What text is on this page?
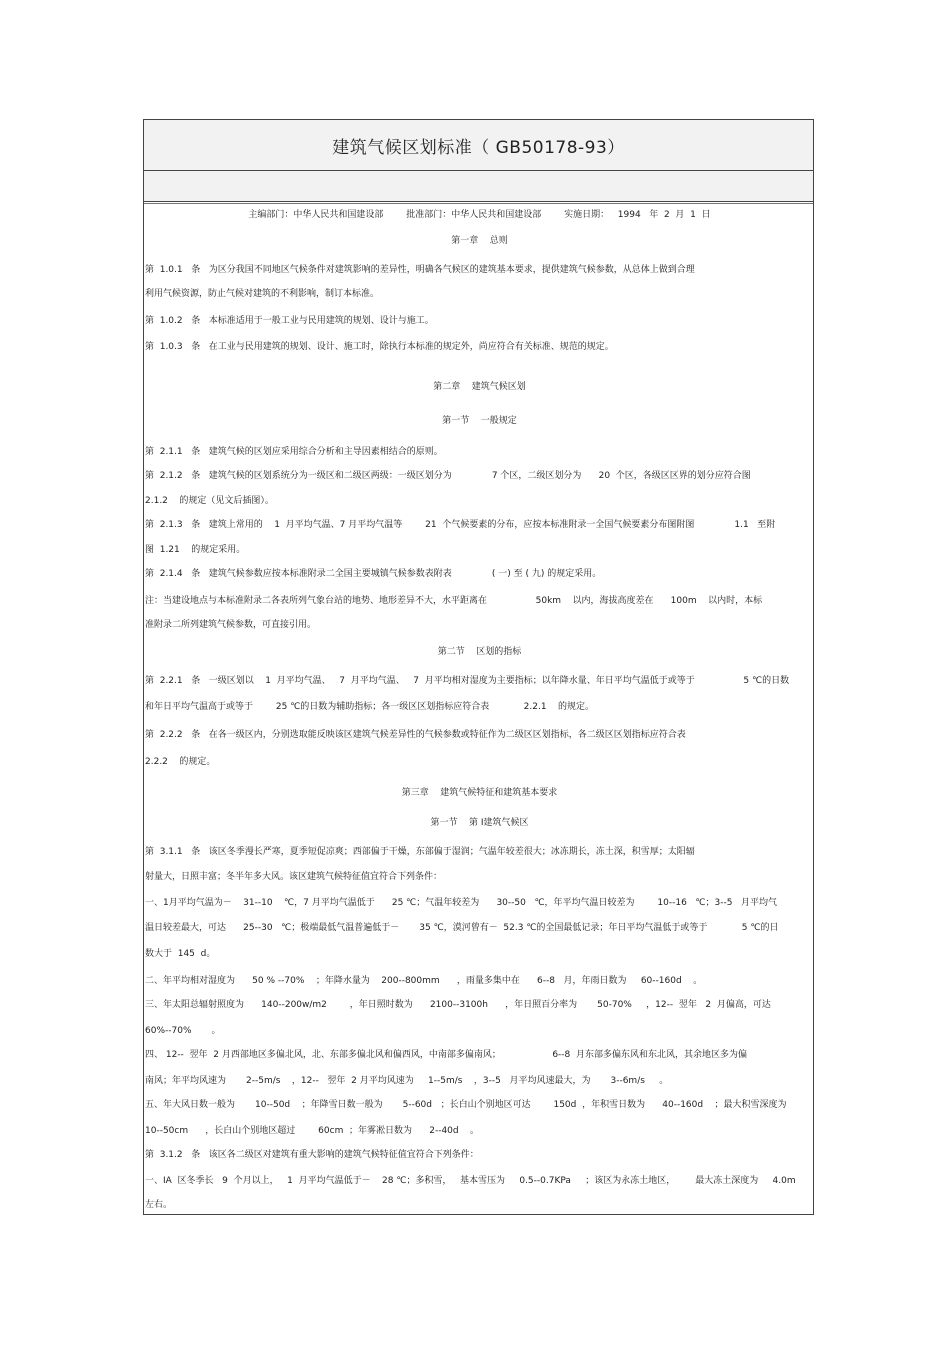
建筑气候区划标准（ GB50178-93）
主编部门：中华人民共和国建设部        批准部门：中华人民共和国建设部        实施日期：   1994   年  2  月  1  日
第一章    总则
第  1.0.1   条   为区分我国不同地区气候条件对建筑影响的差异性，明确各气候区的建筑基本要求，提供建筑气候参数，从总体上做到合理
利用气候资源，防止气候对建筑的不利影响，制订本标准。
第  1.0.2   条   本标准适用于一般工业与民用建筑的规划、设计与施工。
第  1.0.3   条   在工业与民用建筑的规划、设计、施工时，除执行本标准的规定外，尚应符合有关标准、规范的规定。
第二章    建筑气候区划
第一节    一般规定
第  2.1.1   条   建筑气候的区划应采用综合分析和主导因素相结合的原则。
第  2.1.2   条   建筑气候的区划系统分为一级区和二级区两级：一级区划分为              7 个区，二级区划分为      20  个区，各级区区界的划分应符合图
2.1.2    的规定（见文后插图）。
第  2.1.3   条   建筑上常用的    1  月平均气温、7 月平均气温等        21  个气候要素的分布，应按本标准附录一全国气候要素分布图附图              1.1   至附
图  1.21    的规定采用。
第  2.1.4   条   建筑气候参数应按本标准附录二全国主要城镇气候参数表附表              ( 一) 至 ( 九) 的规定采用。
注：当建设地点与本标准附录二各表所列气象台站的地势、地形差异不大，水平距离在                 50km    以内，海拔高度差在      100m    以内时，本标
准附录二所列建筑气候参数，可直接引用。
第二节    区划的指标
第  2.2.1   条   一级区划以    1  月平均气温、   7  月平均气温、   7  月平均相对湿度为主要指标；以年降水量、年日平均气温低于或等于                 5 ℃的日数
和年日平均气温高于或等于        25 ℃的日数为辅助指标；各一级区区划指标应符合表            2.2.1    的规定。
第  2.2.2   条   在各一级区内，分别选取能反映该区建筑气候差异性的气候参数或特征作为二级区区划指标，各二级区区划指标应符合表
2.2.2    的规定。
第三章    建筑气候特征和建筑基本要求
第一节    第 Ⅰ建筑气候区
第  3.1.1   条   该区冬季漫长严寒，夏季短促凉爽；西部偏于干燥，东部偏于湿润；气温年较差很大；冰冻期长，冻土深，积雪厚；太阳辐
射量大，日照丰富；冬半年多大风。该区建筑气候特征值宜符合下列条件：
一、1月平均气温为－    31--10    ℃，7 月平均气温低于      25 ℃；气温年较差为      30--50   ℃，年平均气温日较差为        10--16   ℃；3--5   月平均气
温日较差最大，可达      25--30   ℃；极端最低气温普遍低于－       35 ℃，漠河曾有－  52.3 ℃的全国最低记录；年日平均气温低于或等于            5 ℃的日
数大于  145  d。
二、年平均相对湿度为      50 % --70%    ；年降水量为    200--800mm      ，雨量多集中在      6--8   月，年雨日数为     60--160d    。
三、年太阳总辐射照度为      140--200w/m2        ，年日照时数为      2100--3100h      ，年日照百分率为       50-70%     ，12--  翌年   2  月偏高，可达
60%--70%       。
四、 12--  翌年  2 月西部地区多偏北风，北、东部多偏北风和偏西风，中南部多偏南风；                  6--8  月东部多偏东风和东北风，其余地区多为偏
南风；年平均风速为       2--5m/s    ，12--   翌年  2 月平均风速为     1--5m/s    ，3--5   月平均风速最大，为       3--6m/s     。
五、年大风日数一般为       10--50d    ；年降雪日数一般为       5--60d   ；长白山个别地区可达        150d  ，年积雪日数为      40--160d    ；最大积雪深度为
10--50cm      ，长白山个别地区超过        60cm  ；年雾凇日数为      2--40d    。
第  3.1.2   条   该区各二级区对建筑有重大影响的建筑气候特征值宜符合下列条件：
一、IA  区冬季长   9  个月以上，   1  月平均气温低于－    28 ℃；多积雪，   基本雪压为     0.5--0.7KPa     ；该区为永冻土地区，       最大冻土深度为     4.0m
左右。
